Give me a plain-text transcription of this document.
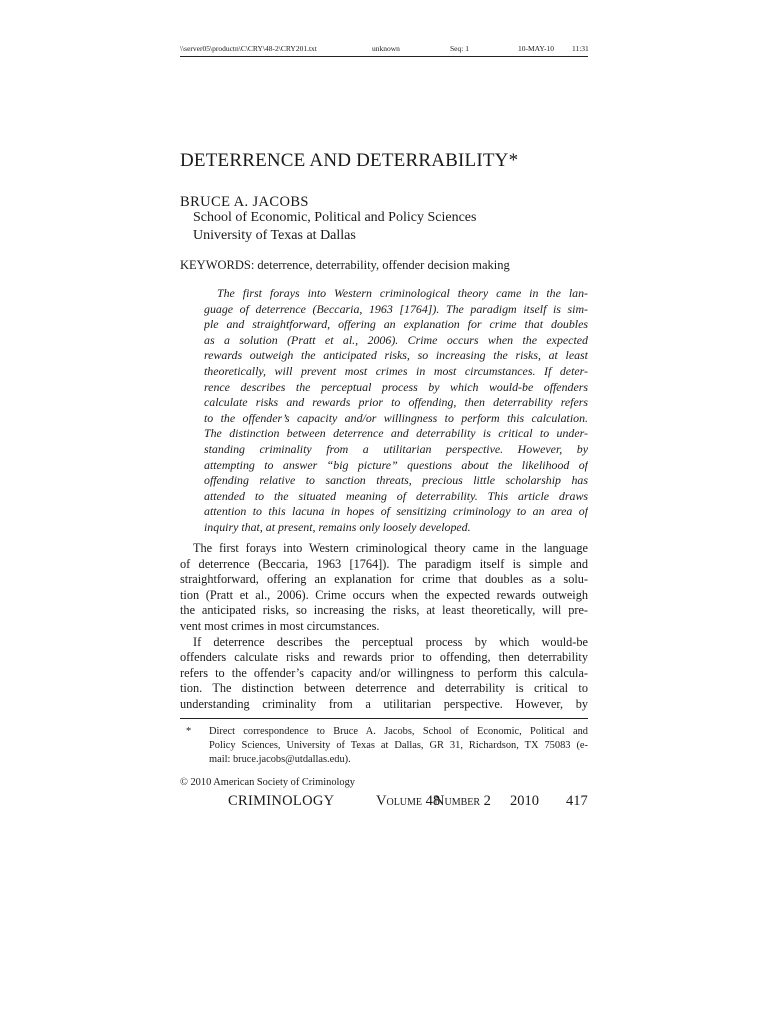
\\server05\productn\C\CRY\48-2\CRY201.txt	unknown	Seq: 1	10-MAY-10 11:31
DETERRENCE AND DETERRABILITY*
BRUCE A. JACOBS
School of Economic, Political and Policy Sciences
University of Texas at Dallas
KEYWORDS: deterrence, deterrability, offender decision making
The first forays into Western criminological theory came in the lan-
guage of deterrence (Beccaria, 1963 [1764]). The paradigm itself is sim-
ple and straightforward, offering an explanation for crime that doubles
as a solution (Pratt et al., 2006). Crime occurs when the expected
rewards outweigh the anticipated risks, so increasing the risks, at least
theoretically, will prevent most crimes in most circumstances. If deter-
rence describes the perceptual process by which would-be offenders
calculate risks and rewards prior to offending, then deterrability refers
to the offender’s capacity and/or willingness to perform this calculation.
The distinction between deterrence and deterrability is critical to under-
standing criminality from a utilitarian perspective. However, by
attempting to answer “big picture” questions about the likelihood of
offending relative to sanction threats, precious little scholarship has
attended to the situated meaning of deterrability. This article draws
attention to this lacuna in hopes of sensitizing criminology to an area of
inquiry that, at present, remains only loosely developed.
The first forays into Western criminological theory came in the language
of deterrence (Beccaria, 1963 [1764]). The paradigm itself is simple and
straightforward, offering an explanation for crime that doubles as a solu-
tion (Pratt et al., 2006). Crime occurs when the expected rewards outweigh
the anticipated risks, so increasing the risks, at least theoretically, will pre-
vent most crimes in most circumstances.
If deterrence describes the perceptual process by which would-be
offenders calculate risks and rewards prior to offending, then deterrability
refers to the offender’s capacity and/or willingness to perform this calcula-
tion. The distinction between deterrence and deterrability is critical to
understanding criminality from a utilitarian perspective. However, by
* Direct correspondence to Bruce A. Jacobs, School of Economic, Political and
Policy Sciences, University of Texas at Dallas, GR 31, Richardson, TX 75083 (e-
mail: bruce.jacobs@utdallas.edu).
© 2010 American Society of Criminology
CRIMINOLOGY	Volume 48
Number 2 2010 417
